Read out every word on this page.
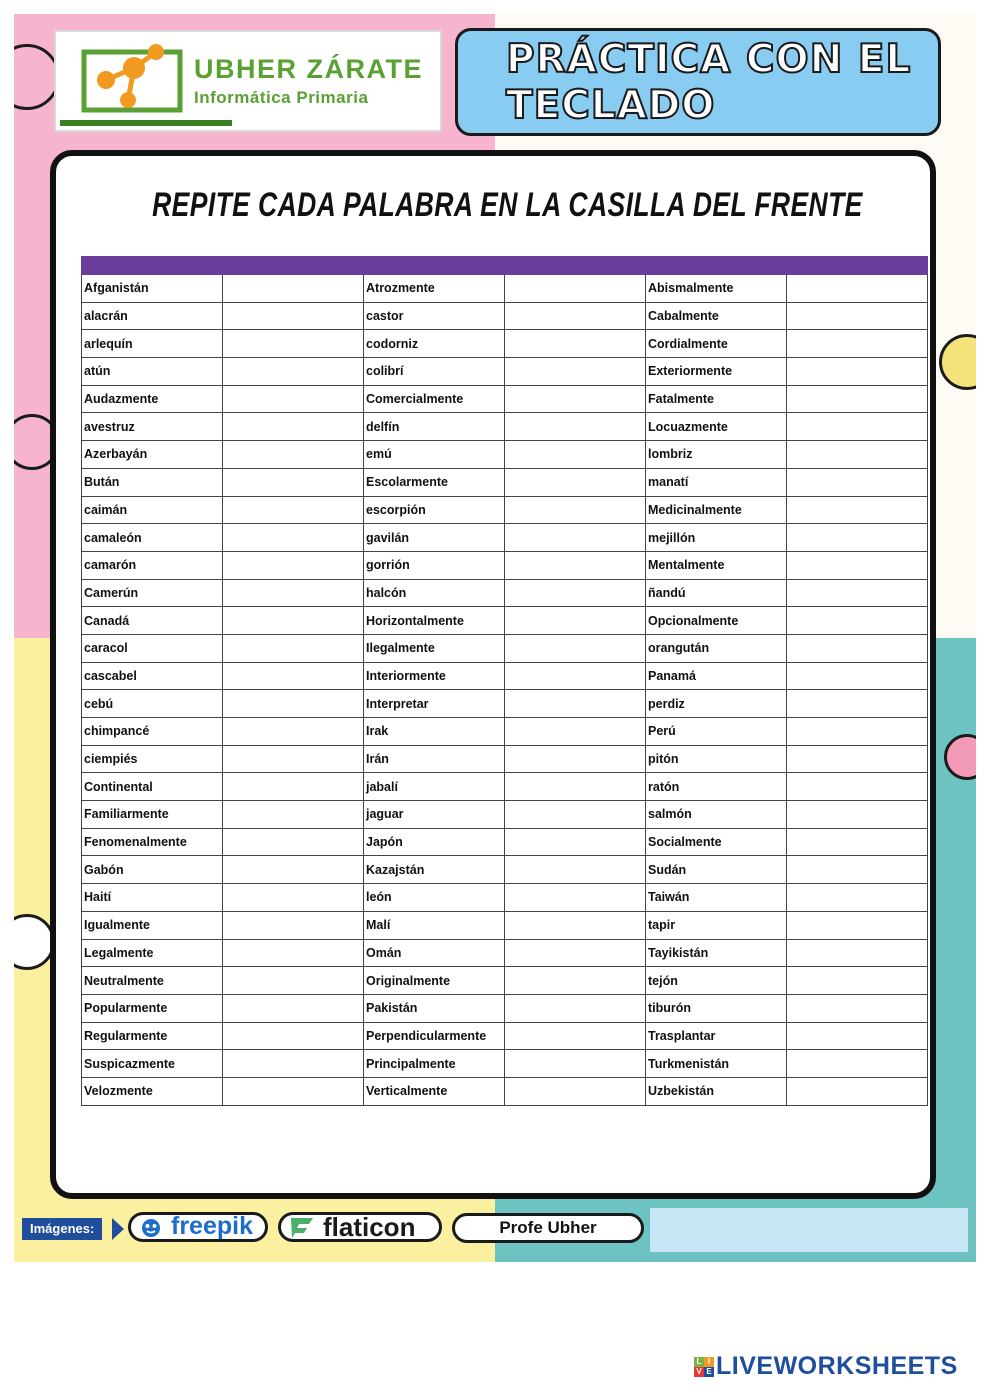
UBHER ZÁRATE
Informática Primaria
PRÁCTICA CON EL TECLADO
REPITE CADA PALABRA EN LA CASILLA DEL FRENTE

Afganistán		Atrozmente		Abismalmente	
alacrán		castor		Cabalmente	
arlequín		codorniz		Cordialmente	
atún		colibrí		Exteriormente	
Audazmente		Comercialmente		Fatalmente	
avestruz		delfín		Locuazmente	
Azerbayán		emú		lombriz	
Bután		Escolarmente		manatí	
caimán		escorpión		Medicinalmente	
camaleón		gavilán		mejillón	
camarón		gorrión		Mentalmente	
Camerún		halcón		ñandú	
Canadá		Horizontalmente		Opcionalmente	
caracol		Ilegalmente		orangután	
cascabel		Interiormente		Panamá	
cebú		Interpretar		perdiz	
chimpancé		Irak		Perú	
ciempiés		Irán		pitón	
Continental		jabalí		ratón	
Familiarmente		jaguar		salmón	
Fenomenalmente		Japón		Socialmente	
Gabón		Kazajstán		Sudán	
Haití		león		Taiwán	
Igualmente		Malí		tapir	
Legalmente		Omán		Tayikistán	
Neutralmente		Originalmente		tejón	
Popularmente		Pakistán		tiburón	
Regularmente		Perpendicularmente		Trasplantar	
Suspicazmente		Principalmente		Turkmenistán	
Velozmente		Verticalmente		Uzbekistán	
Imágenes:	freepik	flaticon	Profe Ubher
L I
V E LIVEWORKSHEETS
